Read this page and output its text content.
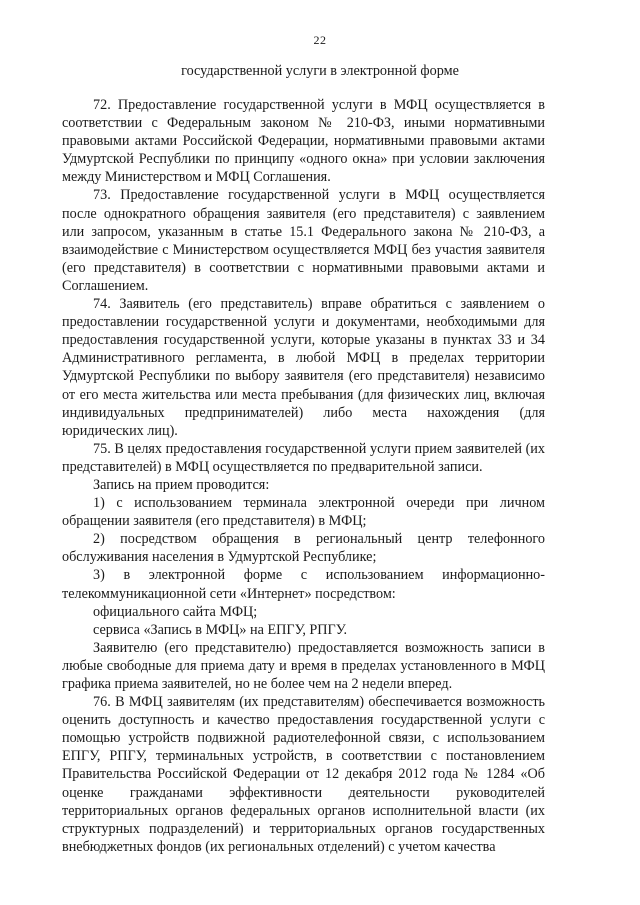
22
государственной услуги в электронной форме

72. Предоставление государственной услуги в МФЦ осуществляется в соответствии с Федеральным законом № 210-ФЗ, иными нормативными правовыми актами Российской Федерации, нормативными правовыми актами Удмуртской Республики по принципу «одного окна» при условии заключения между Министерством и МФЦ Соглашения.

73. Предоставление государственной услуги в МФЦ осуществляется после однократного обращения заявителя (его представителя) с заявлением или запросом, указанным в статье 15.1 Федерального закона № 210-ФЗ, а взаимодействие с Министерством осуществляется МФЦ без участия заявителя (его представителя) в соответствии с нормативными правовыми актами и Соглашением.

74. Заявитель (его представитель) вправе обратиться с заявлением о предоставлении государственной услуги и документами, необходимыми для предоставления государственной услуги, которые указаны в пунктах 33 и 34 Административного регламента, в любой МФЦ в пределах территории Удмуртской Республики по выбору заявителя (его представителя) независимо от его места жительства или места пребывания (для физических лиц, включая индивидуальных предпринимателей) либо места нахождения (для юридических лиц).

75. В целях предоставления государственной услуги прием заявителей (их представителей) в МФЦ осуществляется по предварительной записи.

Запись на прием проводится:

1) с использованием терминала электронной очереди при личном обращении заявителя (его представителя) в МФЦ;

2) посредством обращения в региональный центр телефонного обслуживания населения в Удмуртской Республике;

3) в электронной форме с использованием информационно-телекоммуникационной сети «Интернет» посредством:

официального сайта МФЦ;

сервиса «Запись в МФЦ» на ЕПГУ, РПГУ.

Заявителю (его представителю) предоставляется возможность записи в любые свободные для приема дату и время в пределах установленного в МФЦ графика приема заявителей, но не более чем на 2 недели вперед.

76. В МФЦ заявителям (их представителям) обеспечивается возможность оценить доступность и качество предоставления государственной услуги с помощью устройств подвижной радиотелефонной связи, с использованием ЕПГУ, РПГУ, терминальных устройств, в соответствии с постановлением Правительства Российской Федерации от 12 декабря 2012 года № 1284 «Об оценке гражданами эффективности деятельности руководителей территориальных органов федеральных органов исполнительной власти (их структурных подразделений) и территориальных органов государственных внебюджетных фондов (их региональных отделений) с учетом качества
